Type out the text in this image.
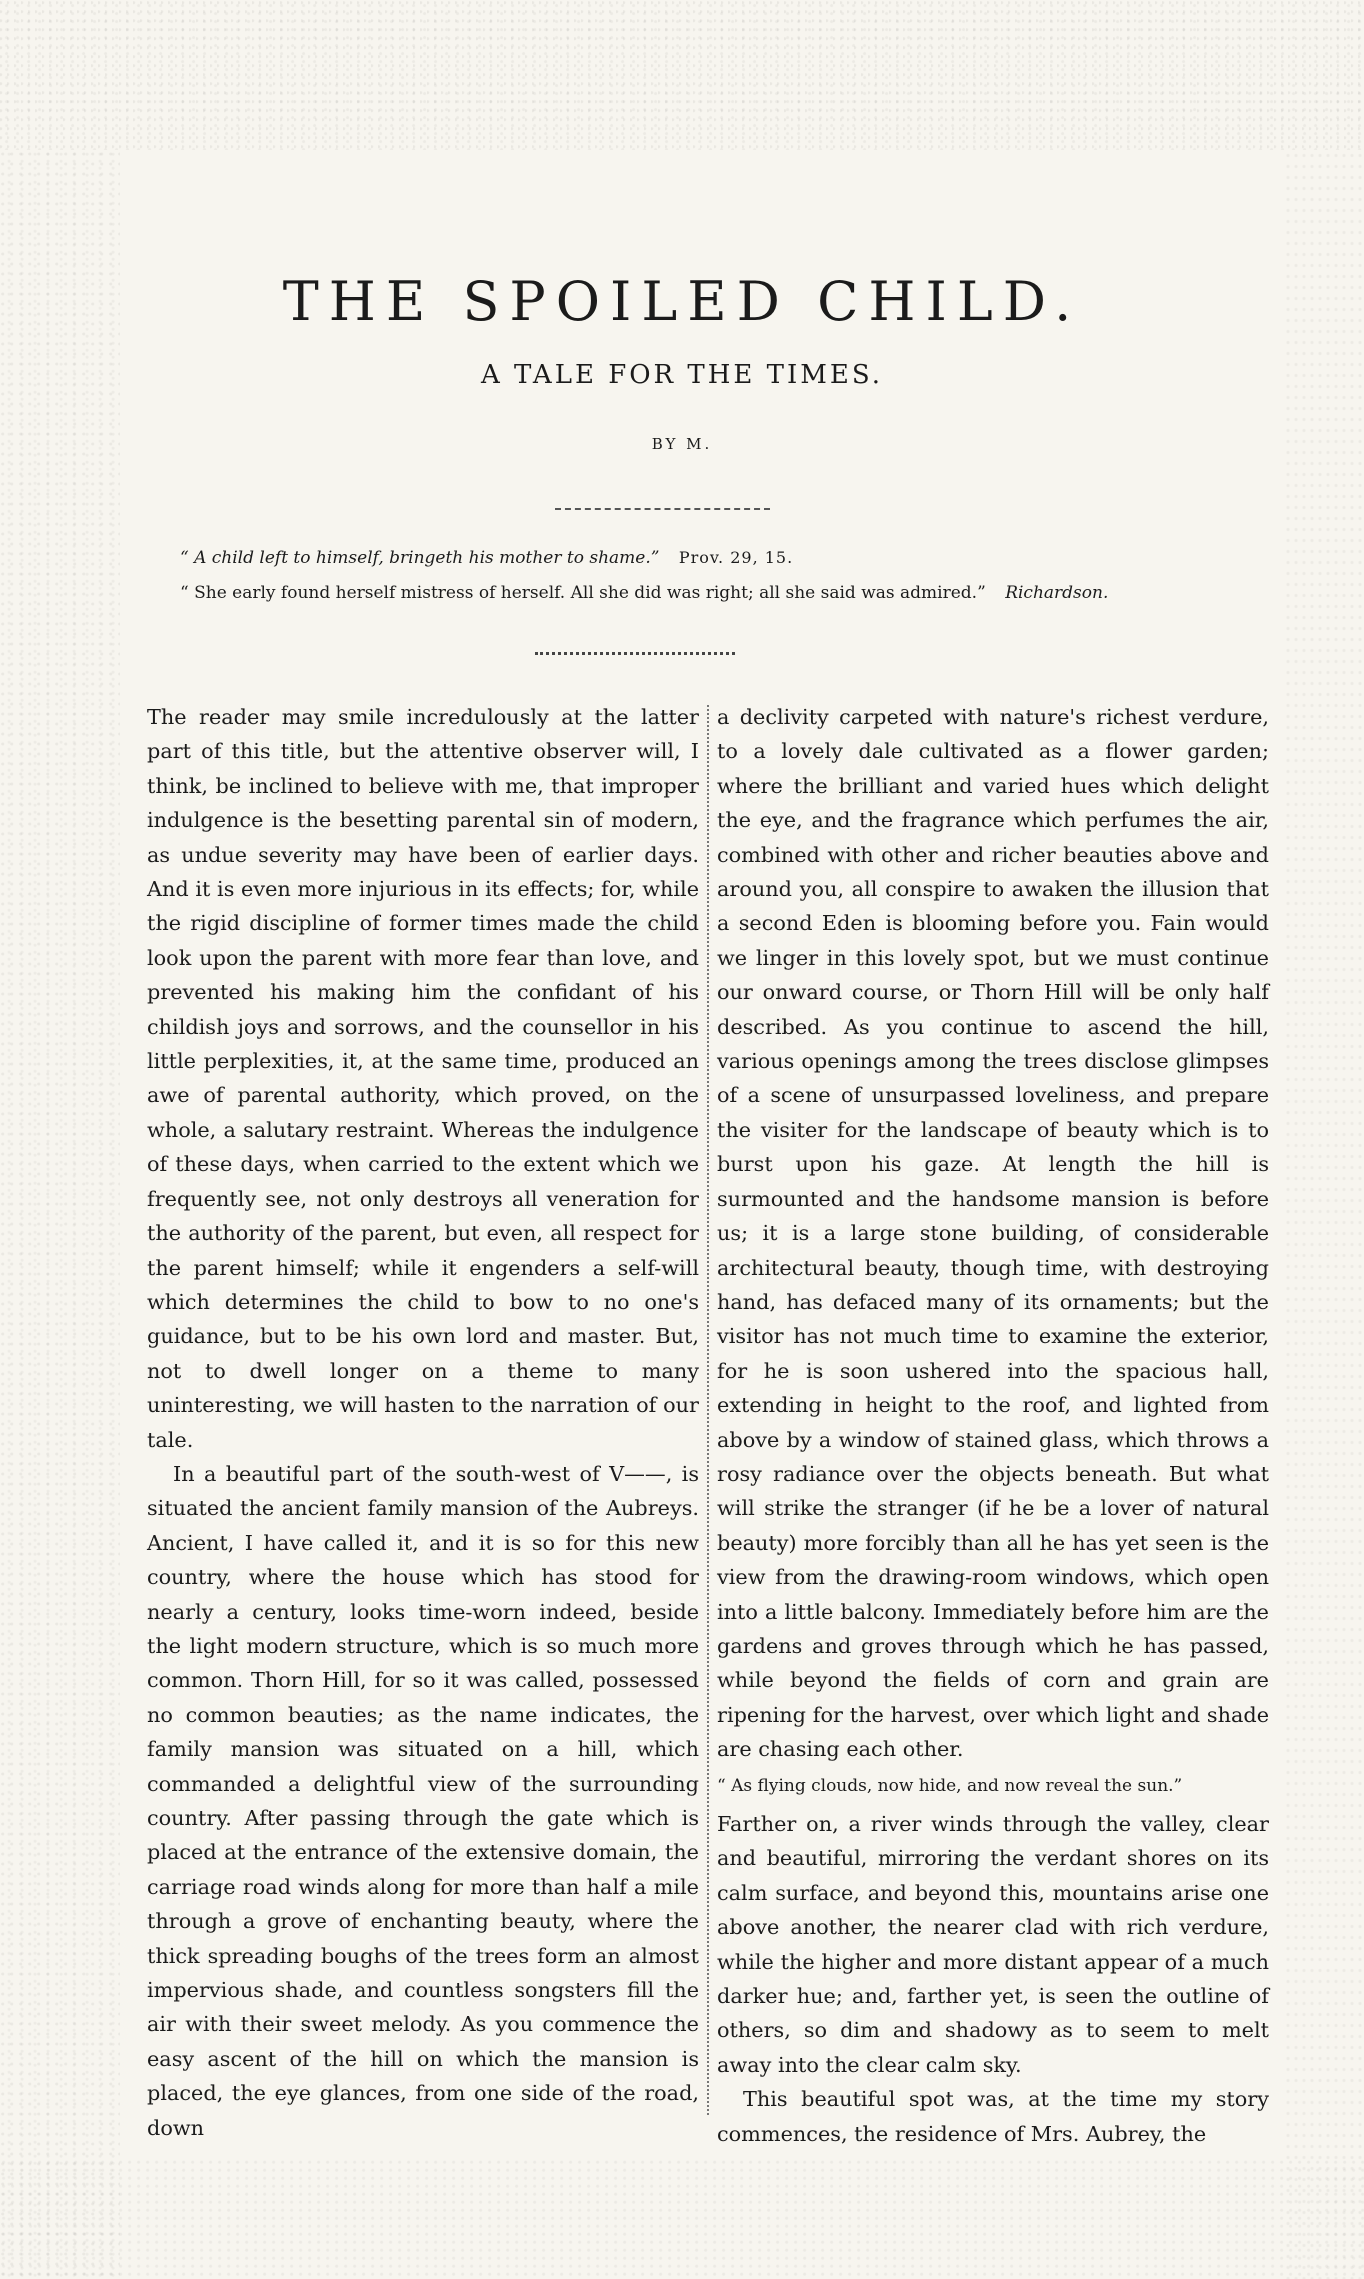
THE SPOILED CHILD.
A TALE FOR THE TIMES.
BY M.
“ A child left to himself, bringeth his mother to shame.” Prov. 29, 15.
“ She early found herself mistress of herself. All she did was right; all she said was admired.” Richardson.

The reader may smile incredulously at the latter part of this title, but the attentive observer will, I think, be inclined to believe with me, that improper indulgence is the besetting parental sin of modern, as undue severity may have been of earlier days. And it is even more injurious in its effects; for, while the rigid discipline of former times made the child look upon the parent with more fear than love, and prevented his making him the confidant of his childish joys and sorrows, and the counsellor in his little perplexities, it, at the same time, produced an awe of parental authority, which proved, on the whole, a salutary restraint. Whereas the indulgence of these days, when carried to the extent which we frequently see, not only destroys all veneration for the authority of the parent, but even, all respect for the parent himself; while it engenders a self-will which determines the child to bow to no one's guidance, but to be his own lord and master. But, not to dwell longer on a theme to many uninteresting, we will hasten to the narration of our tale.

In a beautiful part of the south-west of V——, is situated the ancient family mansion of the Aubreys. Ancient, I have called it, and it is so for this new country, where the house which has stood for nearly a century, looks time-worn indeed, beside the light modern structure, which is so much more common. Thorn Hill, for so it was called, possessed no common beauties; as the name indicates, the family mansion was situated on a hill, which commanded a delightful view of the surrounding country. After passing through the gate which is placed at the entrance of the extensive domain, the carriage road winds along for more than half a mile through a grove of enchanting beauty, where the thick spreading boughs of the trees form an almost impervious shade, and countless songsters fill the air with their sweet melody. As you commence the easy ascent of the hill on which the mansion is placed, the eye glances, from one side of the road, down

a declivity carpeted with nature's richest verdure, to a lovely dale cultivated as a flower garden; where the brilliant and varied hues which delight the eye, and the fragrance which perfumes the air, combined with other and richer beauties above and around you, all conspire to awaken the illusion that a second Eden is blooming before you. Fain would we linger in this lovely spot, but we must continue our onward course, or Thorn Hill will be only half described. As you continue to ascend the hill, various openings among the trees disclose glimpses of a scene of unsurpassed loveliness, and prepare the visiter for the landscape of beauty which is to burst upon his gaze. At length the hill is surmounted and the handsome mansion is before us; it is a large stone building, of considerable architectural beauty, though time, with destroying hand, has defaced many of its ornaments; but the visitor has not much time to examine the exterior, for he is soon ushered into the spacious hall, extending in height to the roof, and lighted from above by a window of stained glass, which throws a rosy radiance over the objects beneath. But what will strike the stranger (if he be a lover of natural beauty) more forcibly than all he has yet seen is the view from the drawing-room windows, which open into a little balcony. Immediately before him are the gardens and groves through which he has passed, while beyond the fields of corn and grain are ripening for the harvest, over which light and shade are chasing each other.

“ As flying clouds, now hide, and now reveal the sun.”

Farther on, a river winds through the valley, clear and beautiful, mirroring the verdant shores on its calm surface, and beyond this, mountains arise one above another, the nearer clad with rich verdure, while the higher and more distant appear of a much darker hue; and, farther yet, is seen the outline of others, so dim and shadowy as to seem to melt away into the clear calm sky.

This beautiful spot was, at the time my story commences, the residence of Mrs. Aubrey, the
